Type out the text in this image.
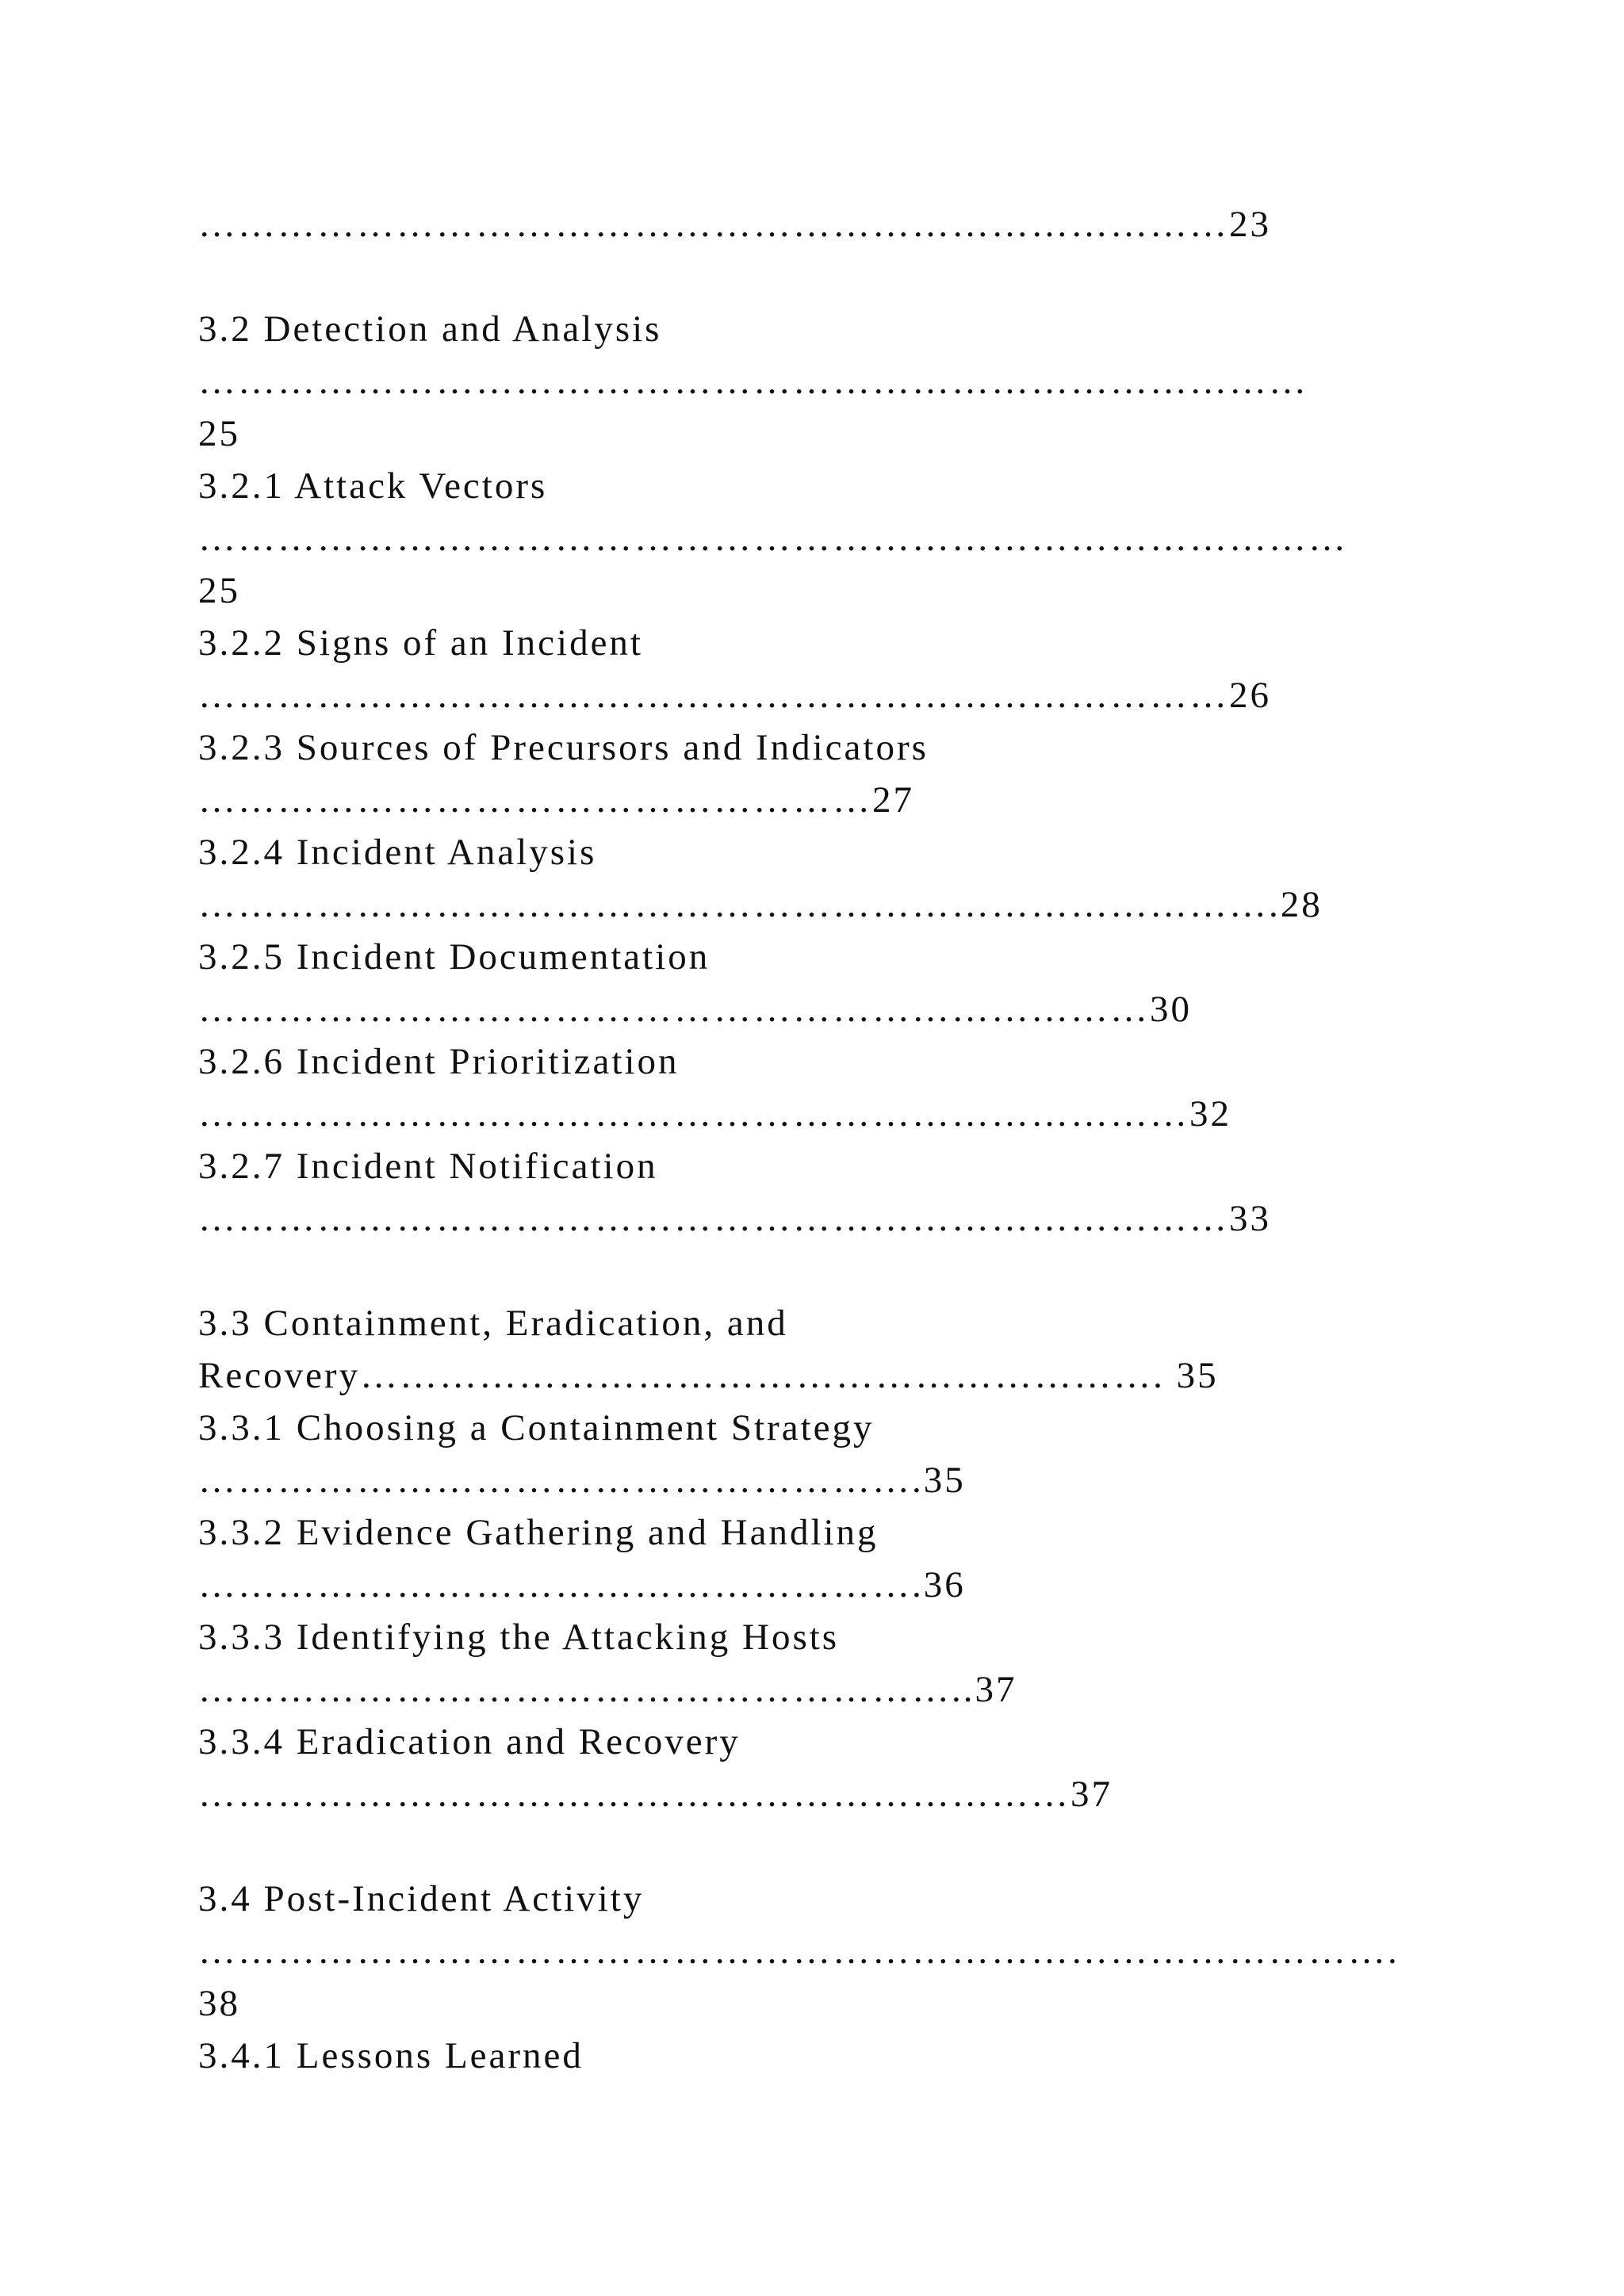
……………………………………………………………………23
3.2 Detection and Analysis
…………………………………………………………………………
25
3.2.1 Attack Vectors
……………………………………………………………………………
25
3.2.2 Signs of an Incident
……………………………………………………………………26
3.2.3 Sources of Precursors and Indicators
……………………………………………27
3.2.4 Incident Analysis
……………………………………………………………………….28
3.2.5 Incident Documentation
………………………………………………………………30
3.2.6 Incident Prioritization
…………………………………………………………………32
3.2.7 Incident Notification
……………………………………………………………………33
3.3 Containment, Eradication, and
Recovery……………………………………………………. 35
3.3.1 Choosing a Containment Strategy
……………………………………………….35
3.3.2 Evidence Gathering and Handling
……………………………………………….36
3.3.3 Identifying the Attacking Hosts
…………………………………………………..37
3.3.4 Eradication and Recovery
…………………………………………………………37
3.4 Post-Incident Activity
……………………………………………………………………………….
38
3.4.1 Lessons Learned
